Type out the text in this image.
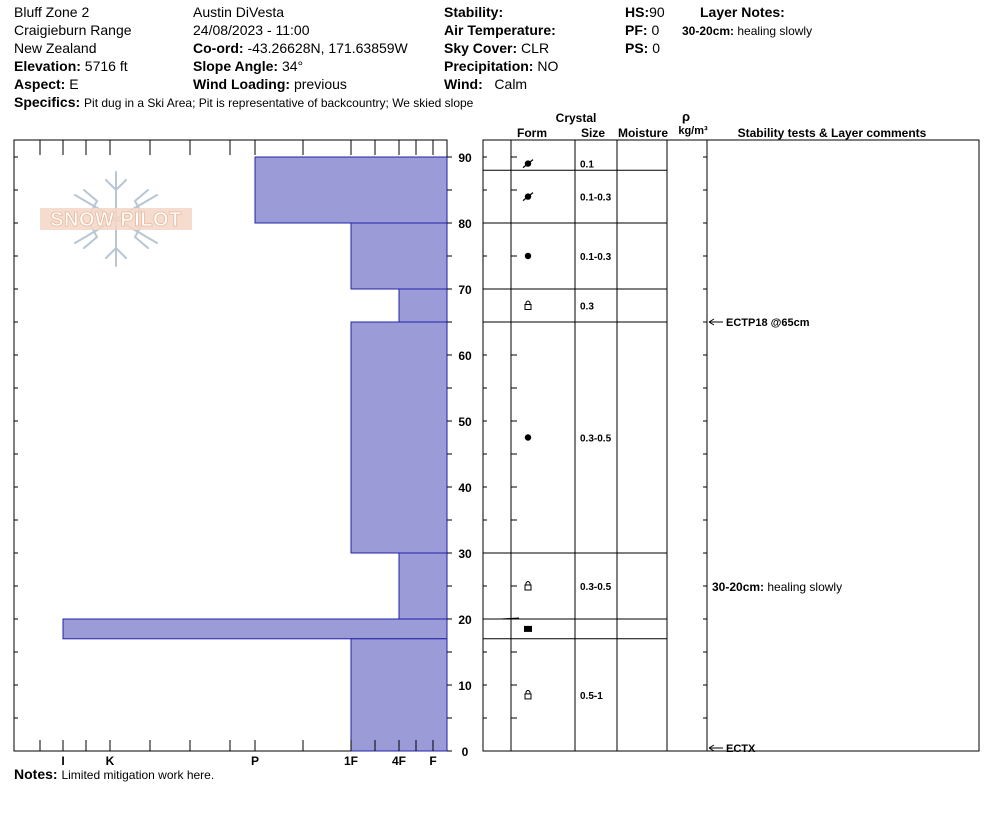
Bluff Zone 2
Craigieburn Range
New Zealand
Elevation: 5716 ft
Aspect: E
Austin DiVesta
24/08/2023 - 11:00
Co-ord: -43.26628N, 171.63859W
Slope Angle: 34°
Wind Loading: previous
Stability:
Air Temperature:
Sky Cover: CLR
Precipitation: NO
Wind: Calm
HS:90
PF: 0
PS: 0
Layer Notes:
30-20cm: healing slowly
Specifics: Pit dug in a Ski Area; Pit is representative of backcountry; We skied slope
Notes: Limited mitigation work here.
SNOW PILOT
0
10
20
30
40
50
60
70
80
90
I	K	P	1F	4F F
0.1
0.1-0.3
0.1-0.3
0.3
0.3-0.5
0.3-0.5
0.5-1
ECTP18 @65cm
ECTX
30-20cm: healing slowly
Crystal
Form	Size Moisture
ρ
kg/m³ Stability tests & Layer comments
